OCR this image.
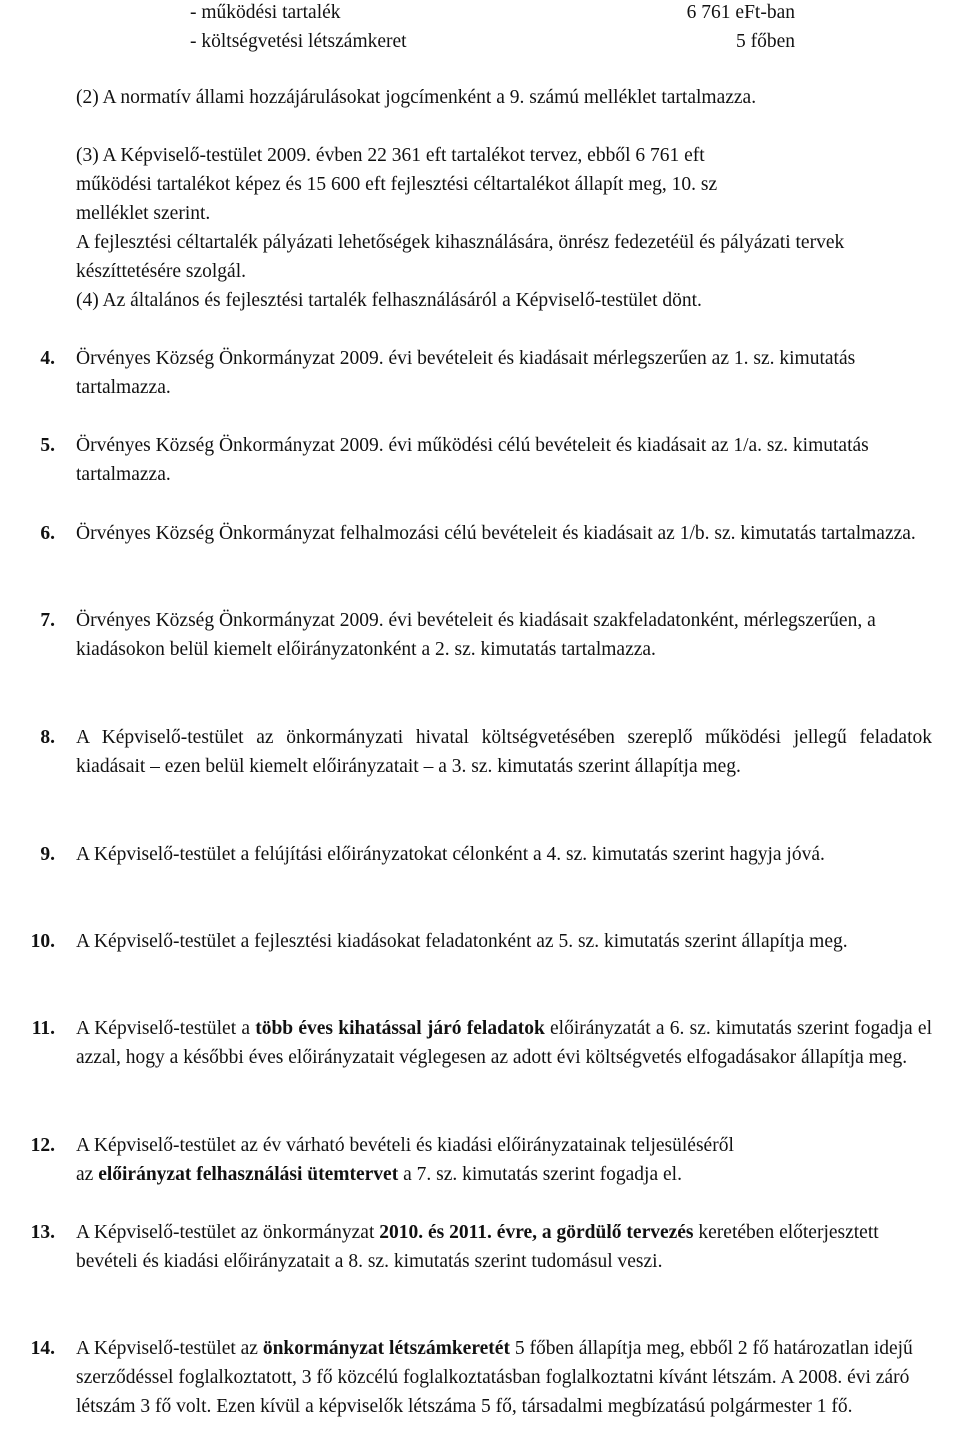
- működési tartalék	6 761 eFt-ban
- költségvetési létszámkeret	5 főben

(2) A normatív állami hozzájárulásokat jogcímenként a 9. számú melléklet tartalmazza.

(3) A Képviselő-testület 2009. évben 22 361 eft tartalékot tervez, ebből 6 761 eft
működési tartalékot képez és 15 600 eft fejlesztési céltartalékot állapít meg, 10. sz
melléklet szerint.

A fejlesztési céltartalék pályázati lehetőségek kihasználására, önrész fedezetéül és pályázati tervek készíttetésére szolgál.

(4) Az általános és fejlesztési tartalék felhasználásáról a Képviselő-testület dönt.

4. Örvényes Község Önkormányzat 2009. évi bevételeit és kiadásait mérlegszerűen az 1. sz. kimutatás tartalmazza.

5. Örvényes Község Önkormányzat 2009. évi működési célú bevételeit és kiadásait az 1/a. sz. kimutatás tartalmazza.

6. Örvényes Község Önkormányzat felhalmozási célú bevételeit és kiadásait az 1/b. sz. kimutatás tartalmazza.

7. Örvényes Község Önkormányzat 2009. évi bevételeit és kiadásait szakfeladatonként, mérlegszerűen, a kiadásokon belül kiemelt előirányzatonként a 2. sz. kimutatás tartalmazza.

8. A Képviselő-testület az önkormányzati hivatal költségvetésében szereplő működési jellegű feladatok kiadásait – ezen belül kiemelt előirányzatait – a 3. sz. kimutatás szerint állapítja meg.

9. A Képviselő-testület a felújítási előirányzatokat célonként a 4. sz. kimutatás szerint hagyja jóvá.

10. A Képviselő-testület a fejlesztési kiadásokat feladatonként az 5. sz. kimutatás szerint állapítja meg.

11. A Képviselő-testület a több éves kihatással járó feladatok előirányzatát a 6. sz. kimutatás szerint fogadja el azzal, hogy a későbbi éves előirányzatait véglegesen az adott évi költségvetés elfogadásakor állapítja meg.

12. A Képviselő-testület az év várható bevételi és kiadási előirányzatainak teljesüléséről
az előirányzat felhasználási ütemtervet a 7. sz. kimutatás szerint fogadja el.
13. A Képviselő-testület az önkormányzat 2010. és 2011. évre, a gördülő tervezés keretében előterjesztett bevételi és kiadási előirányzatait a 8. sz. kimutatás szerint tudomásul veszi.

14. A Képviselő-testület az önkormányzat létszámkeretét 5 főben állapítja meg, ebből 2 fő határozatlan idejű szerződéssel foglalkoztatott, 3 fő közcélú foglalkoztatásban foglalkoztatni kívánt létszám. A 2008. évi záró létszám 3 fő volt. Ezen kívül a képviselők létszáma 5 fő, társadalmi megbízatású polgármester 1 fő.
